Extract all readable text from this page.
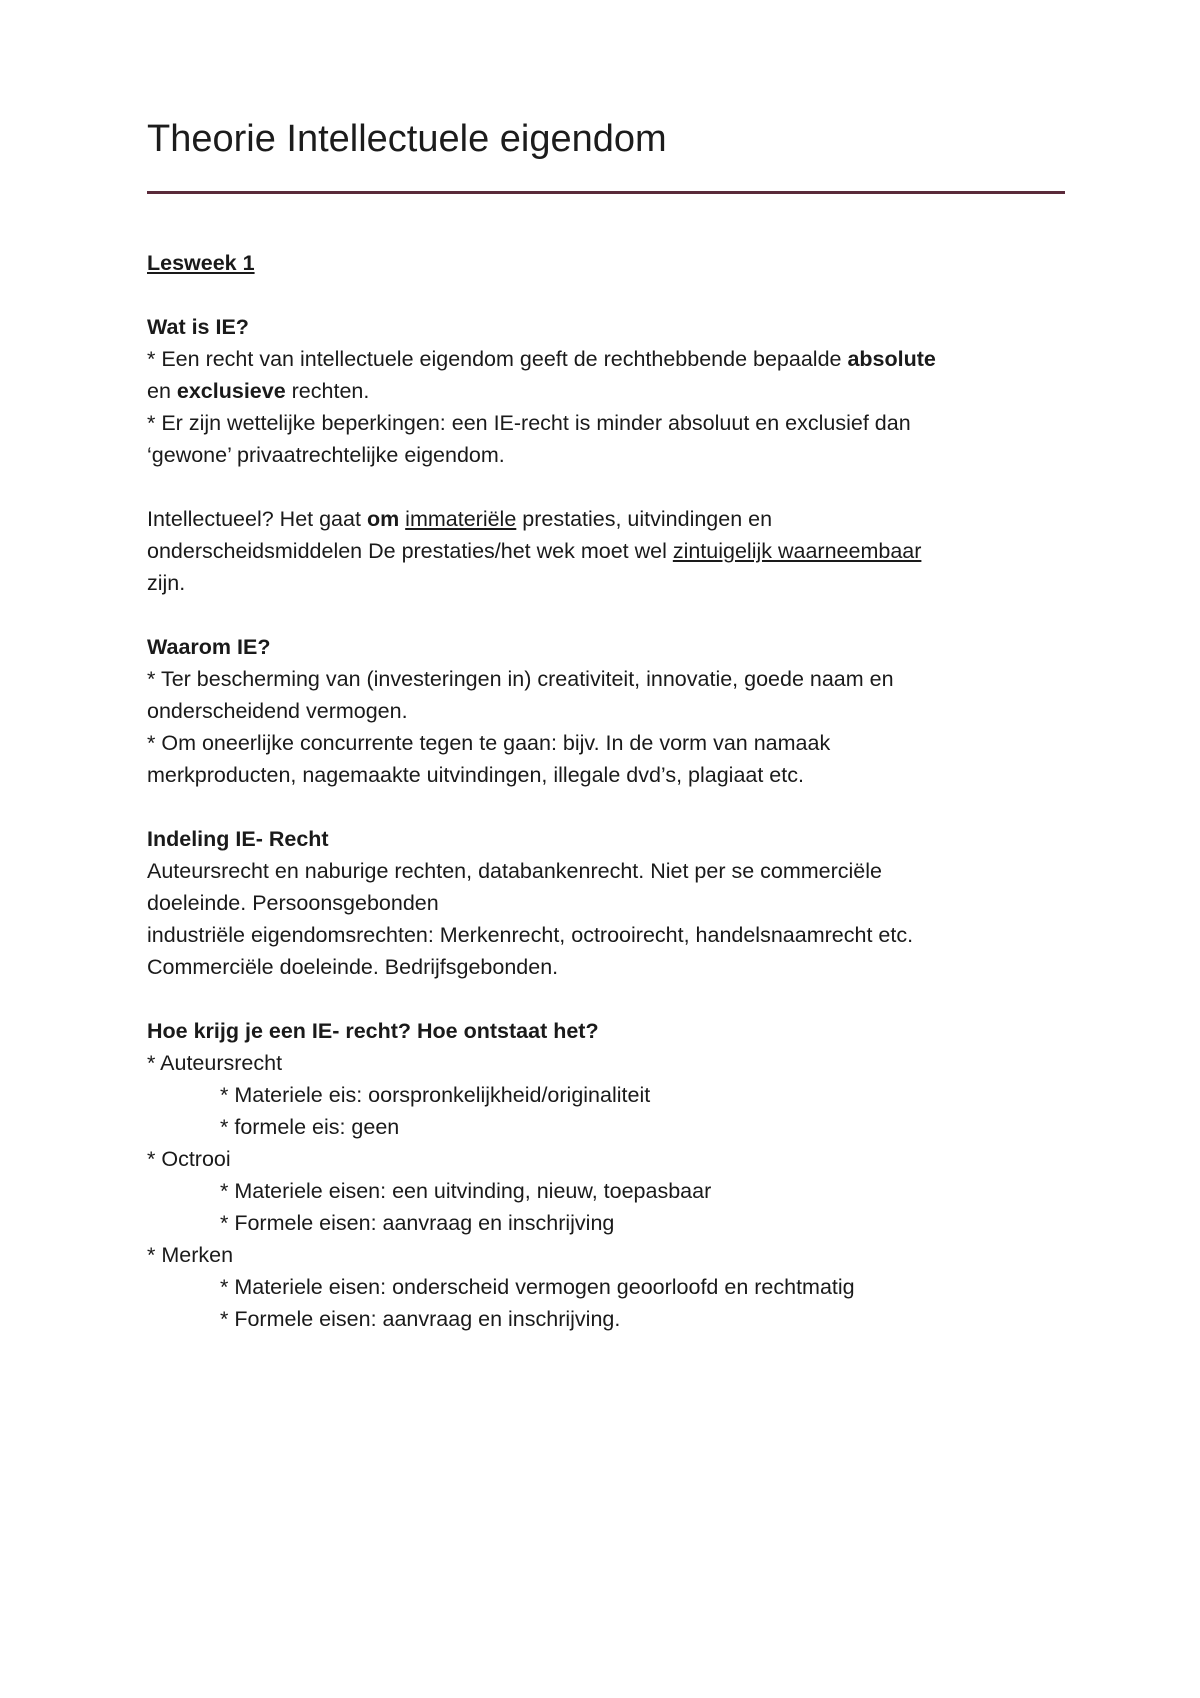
Theorie Intellectuele eigendom
Lesweek 1
Wat is IE?
* Een recht van intellectuele eigendom geeft de rechthebbende bepaalde absolute
en exclusieve rechten.
* Er zijn wettelijke beperkingen: een IE-recht is minder absoluut en exclusief dan
‘gewone’ privaatrechtelijke eigendom.
Intellectueel? Het gaat om immateriële prestaties, uitvindingen en
onderscheidsmiddelen De prestaties/het wek moet wel zintuigelijk waarneembaar
zijn.
Waarom IE?
* Ter bescherming van (investeringen in) creativiteit, innovatie, goede naam en
onderscheidend vermogen.
* Om oneerlijke concurrente tegen te gaan: bijv. In de vorm van namaak
merkproducten, nagemaakte uitvindingen, illegale dvd’s, plagiaat etc.
Indeling IE- Recht
Auteursrecht en naburige rechten, databankenrecht. Niet per se commerciële
doeleinde. Persoonsgebonden
industriële eigendomsrechten: Merkenrecht, octrooirecht, handelsnaamrecht etc.
Commerciële doeleinde. Bedrijfsgebonden.
Hoe krijg je een IE- recht? Hoe ontstaat het?
* Auteursrecht
* Materiele eis: oorspronkelijkheid/originaliteit
* formele eis: geen
* Octrooi
* Materiele eisen: een uitvinding, nieuw, toepasbaar
* Formele eisen: aanvraag en inschrijving
* Merken
* Materiele eisen: onderscheid vermogen geoorloofd en rechtmatig
* Formele eisen: aanvraag en inschrijving.
